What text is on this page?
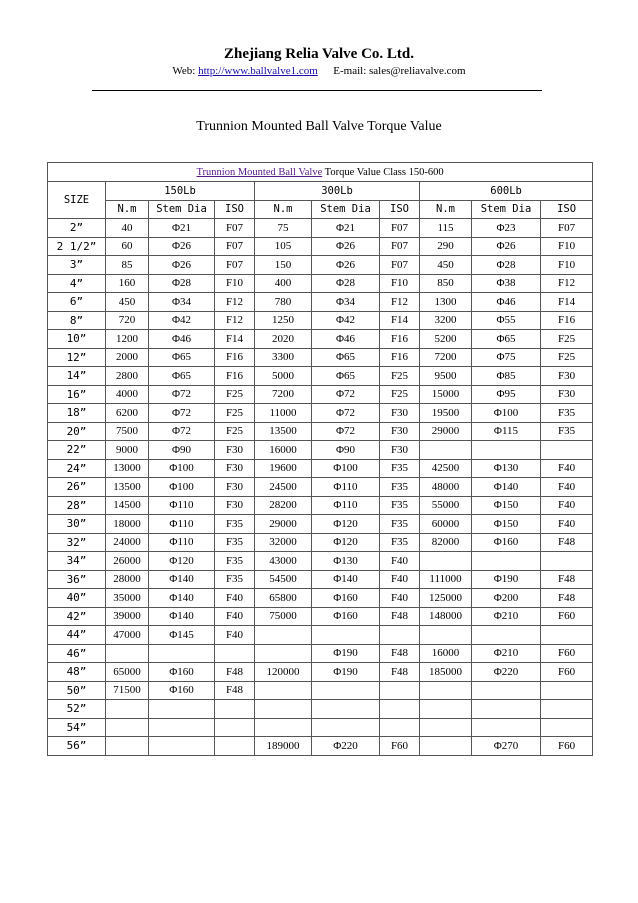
Zhejiang Relia Valve Co. Ltd.
Web: http://www.ballvalve1.com E-mail: sales@reliavalve.com
Trunnion Mounted Ball Valve Torque Value
Trunnion Mounted Ball Valve Torque Value Class 150-600									
SIZE	150Lb			300Lb			600Lb		
	N.m	Stem Dia	ISO	N.m	Stem Dia	ISO	N.m	Stem Dia	ISO
2”	40	Φ21	F07	75	Φ21	F07	115	Φ23	F07
2 1/2”	60	Φ26	F07	105	Φ26	F07	290	Φ26	F10
3”	85	Φ26	F07	150	Φ26	F07	450	Φ28	F10
4”	160	Φ28	F10	400	Φ28	F10	850	Φ38	F12
6”	450	Φ34	F12	780	Φ34	F12	1300	Φ46	F14
8”	720	Φ42	F12	1250	Φ42	F14	3200	Φ55	F16
10”	1200	Φ46	F14	2020	Φ46	F16	5200	Φ65	F25
12”	2000	Φ65	F16	3300	Φ65	F16	7200	Φ75	F25
14”	2800	Φ65	F16	5000	Φ65	F25	9500	Φ85	F30
16”	4000	Φ72	F25	7200	Φ72	F25	15000	Φ95	F30
18”	6200	Φ72	F25	11000	Φ72	F30	19500	Φ100	F35
20”	7500	Φ72	F25	13500	Φ72	F30	29000	Φ115	F35
22”	9000	Φ90	F30	16000	Φ90	F30			
24”	13000	Φ100	F30	19600	Φ100	F35	42500	Φ130	F40
26”	13500	Φ100	F30	24500	Φ110	F35	48000	Φ140	F40
28”	14500	Φ110	F30	28200	Φ110	F35	55000	Φ150	F40
30”	18000	Φ110	F35	29000	Φ120	F35	60000	Φ150	F40
32”	24000	Φ110	F35	32000	Φ120	F35	82000	Φ160	F48
34”	26000	Φ120	F35	43000	Φ130	F40			
36”	28000	Φ140	F35	54500	Φ140	F40	111000	Φ190	F48
40”	35000	Φ140	F40	65800	Φ160	F40	125000	Φ200	F48
42”	39000	Φ140	F40	75000	Φ160	F48	148000	Φ210	F60
44”	47000	Φ145	F40						
46”					Φ190	F48	16000	Φ210	F60
48”	65000	Φ160	F48	120000	Φ190	F48	185000	Φ220	F60
50”	71500	Φ160	F48						
52”									
54”									
56”				189000	Φ220	F60		Φ270	F60
